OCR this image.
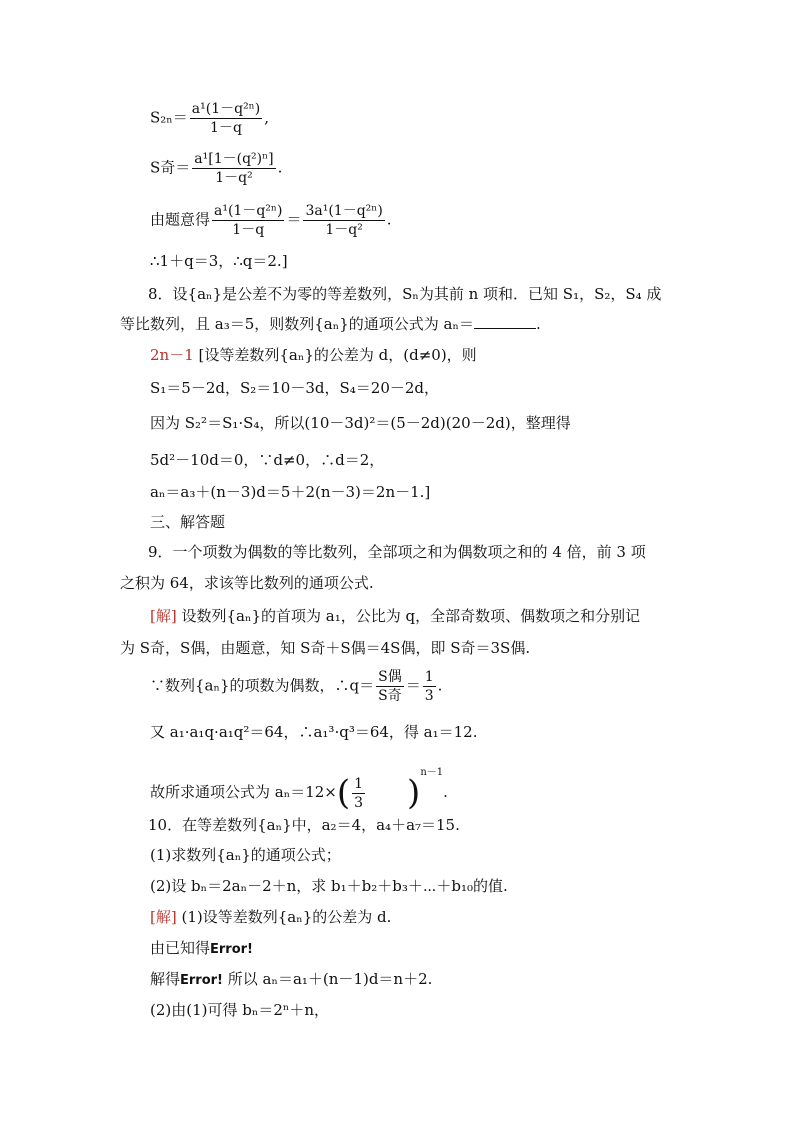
$S_{2n}= \frac{\text{a¹(1－q²ⁿ)}}{1-q}$ ,
S奇＝ $\frac{\text{a¹[1－(q²)ⁿ]}}{\text{1－q²}}$ .
由题意得 $\frac{\text{a¹(1－q²ⁿ)}}{1-q} = \frac{\text{3a¹(1－q²ⁿ)}}{\text{1－q²}}$ .
∴1＋q＝3，∴q＝2.]
8．设{aₙ}是公差不为零的等差数列，Sₙ为其前 n 项和．已知 S₁，S₂，S₄ 成
等比数列，且 a₃＝5，则数列{aₙ}的通项公式为 aₙ＝	.
2n－1 [设等差数列{aₙ}的公差为 d，(d≠0)，则
S₁＝5－2d，S₂＝10－3d，S₄＝20－2d，
因为 S₂²＝S₁·S₄，所以(10－3d)²＝(5－2d)(20－2d)，整理得
5d²－10d＝0，∵d≠0，∴d＝2，
aₙ＝a₃＋(n－3)d＝5＋2(n－3)＝2n－1.]
三、解答题
9．一个项数为偶数的等比数列，全部项之和为偶数项之和的 4 倍，前 3 项
之积为 64，求该等比数列的通项公式.
[解] 设数列{aₙ}的首项为 a₁，公比为 q，全部奇数项、偶数项之和分别记
为 S奇，S偶，由题意，知 S奇＋S偶＝4S偶，即 S奇＝3S偶.
∵数列{aₙ}的项数为偶数，∴q＝ $\frac{\text{S偶}}{\text{S奇}} = \frac{1}{3}$ .
又 a₁·a₁q·a₁q²＝64，∴a₁³·q³＝64，得 a₁＝12.
故所求通项公式为 $a_n=12\times( \frac{1}{3} )^{n-1}$.
10．在等差数列{aₙ}中，a₂＝4，a₄＋a₇＝15.
(1)求数列{aₙ}的通项公式；
(2)设 bₙ＝2aₙ－2＋n，求 b₁＋b₂＋b₃＋⋯＋b₁₀的值.
[解] (1)设等差数列{aₙ}的公差为 d.
由已知得Error!
解得Error! 所以 aₙ＝a₁＋(n－1)d＝n＋2.
(2)由(1)可得 bₙ＝2ⁿ＋n，
